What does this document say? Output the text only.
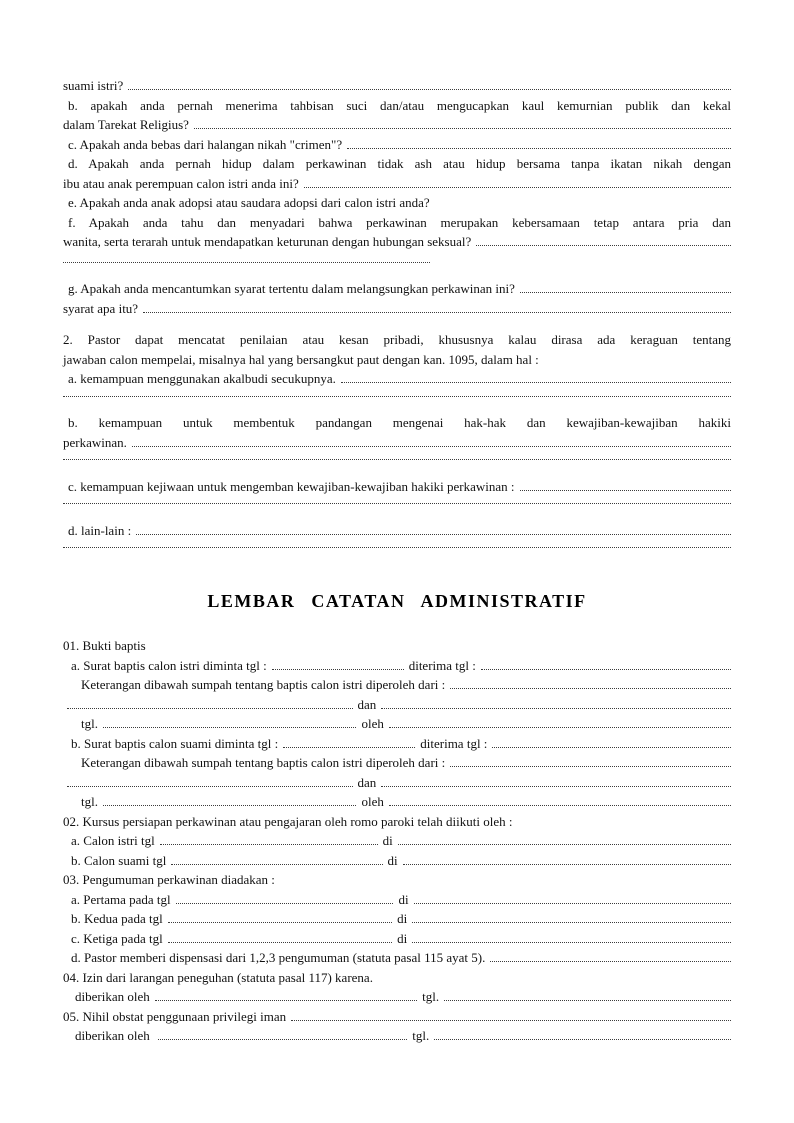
suami istri?
b. apakah anda pernah menerima tahbisan suci dan/atau mengucapkan kaul kemurnian publik dan kekal
dalam Tarekat Religius?
c. Apakah anda bebas dari halangan nikah "crimen"?
d. Apakah anda pernah hidup dalam perkawinan tidak ash atau hidup bersama tanpa ikatan nikah dengan
ibu atau anak perempuan calon istri anda ini?
e. Apakah anda anak adopsi atau saudara adopsi dari calon istri anda?
f. Apakah anda tahu dan menyadari bahwa perkawinan merupakan kebersamaan tetap antara pria dan
wanita, serta terarah untuk mendapatkan keturunan dengan hubungan seksual?
g. Apakah anda mencantumkan syarat tertentu dalam melangsungkan perkawinan ini?
syarat apa itu?
2. Pastor dapat mencatat penilaian atau kesan pribadi, khususnya kalau dirasa ada keraguan tentang
jawaban calon mempelai, misalnya hal yang bersangkut paut dengan kan. 1095, dalam hal :
a. kemampuan menggunakan akalbudi secukupnya.
b. kemampuan untuk membentuk pandangan mengenai hak-hak dan kewajiban-kewajiban hakiki
perkawinan.
c. kemampuan kejiwaan untuk mengemban kewajiban-kewajiban hakiki perkawinan :
d. lain-lain :
LEMBAR CATATAN ADMINISTRATIF
01. Bukti baptis
a. Surat baptis calon istri diminta tgl :	diterima tgl :
Keterangan dibawah sumpah tentang baptis calon istri diperoleh dari :
dan
tgl.	oleh
b. Surat baptis calon suami diminta tgl :	diterima tgl :
Keterangan dibawah sumpah tentang baptis calon istri diperoleh dari :
dan
tgl.	oleh
02. Kursus persiapan perkawinan atau pengajaran oleh romo paroki telah diikuti oleh :
a. Calon istri tgl	di
b. Calon suami tgl	di
03. Pengumuman perkawinan diadakan :
a. Pertama pada tgl	di
b. Kedua pada tgl	di
c. Ketiga pada tgl	di
d. Pastor memberi dispensasi dari 1,2,3 pengumuman (statuta pasal 115 ayat 5).
04. Izin dari larangan peneguhan (statuta pasal 117) karena.
diberikan oleh	tgl.
05. Nihil obstat penggunaan privilegi iman
diberikan oleh	tgl.
